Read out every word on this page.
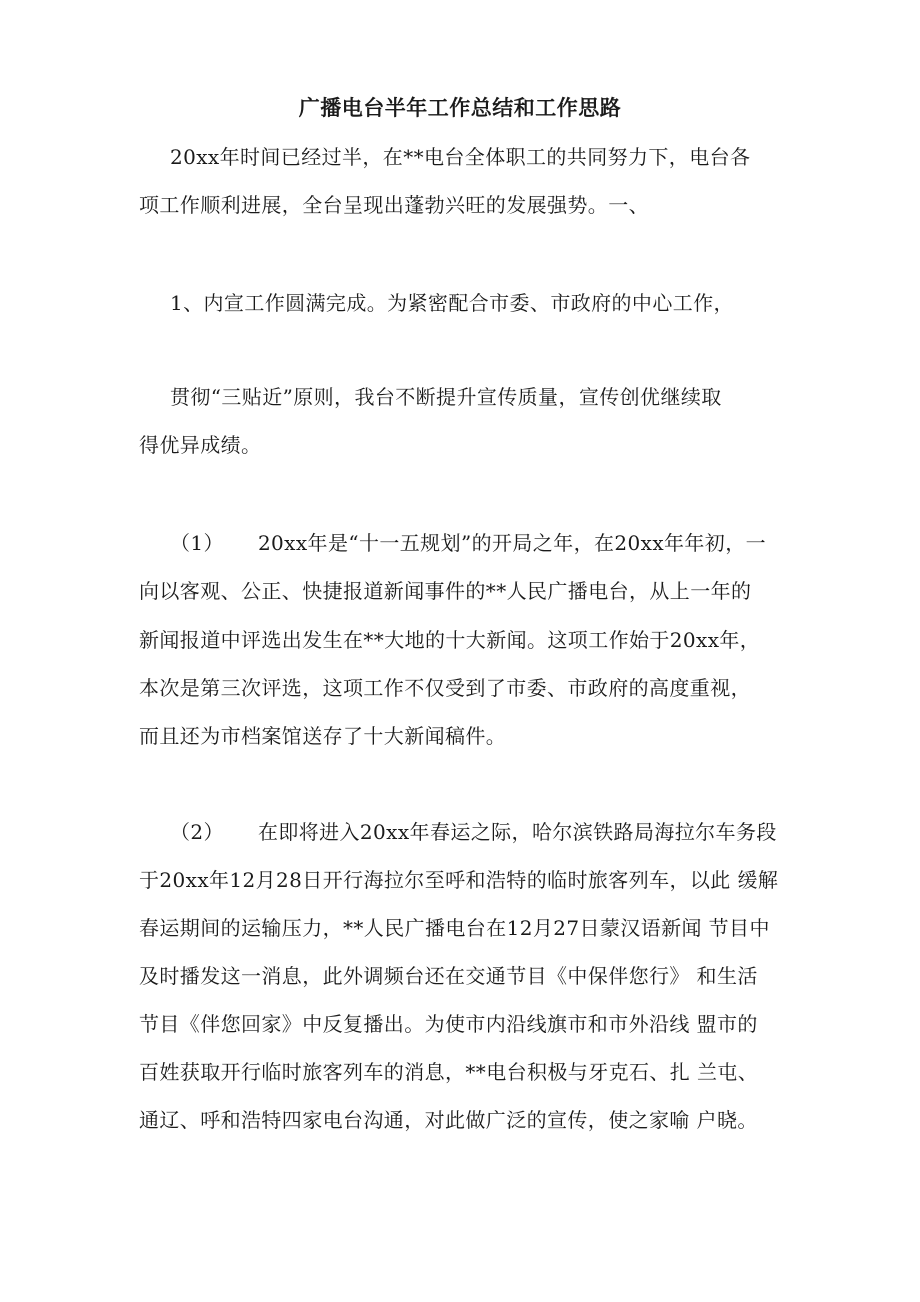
广播电台半年工作总结和工作思路
20xx年时间已经过半，在**电台全体职工的共同努力下，电台各
项工作顺利进展，全台呈现出蓬勃兴旺的发展强势。一、
1、内宣工作圆满完成。为紧密配合市委、市政府的中心工作，
贯彻“三贴近”原则，我台不断提升宣传质量，宣传创优继续取
得优异成绩。
（1） 20xx年是“十一五规划”的开局之年，在20xx年年初，一
向以客观、公正、快捷报道新闻事件的**人民广播电台，从上一年的
新闻报道中评选出发生在**大地的十大新闻。这项工作始于20xx年，
本次是第三次评选，这项工作不仅受到了市委、市政府的高度重视，
而且还为市档案馆送存了十大新闻稿件。
（2） 在即将进入20xx年春运之际，哈尔滨铁路局海拉尔车务段
于20xx年12月28日开行海拉尔至呼和浩特的临时旅客列车，以此 缓解
春运期间的运输压力，**人民广播电台在12月27日蒙汉语新闻 节目中
及时播发这一消息，此外调频台还在交通节目《中保伴您行》 和生活
节目《伴您回家》中反复播出。为使市内沿线旗市和市外沿线 盟市的
百姓获取开行临时旅客列车的消息，**电台积极与牙克石、扎 兰屯、
通辽、呼和浩特四家电台沟通，对此做广泛的宣传，使之家喻 户晓。
